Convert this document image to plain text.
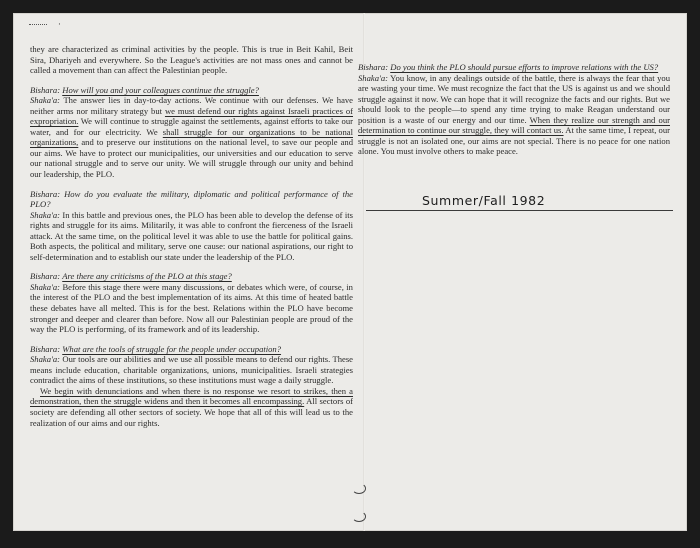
·

they are characterized as criminal activities by the people. This is true in Beit Kahil, Beit Sira, Dhariyeh and everywhere. So the League's activities are not mass ones and cannot be called a movement than can affect the Palestinian people.

Bishara: How will you and your colleagues continue the struggle?
Shaka'a: The answer lies in day-to-day actions. We continue with our defenses. We have neither arms nor military strategy but we must defend our rights against Israeli practices of expropriation. We will continue to struggle against the settlements, against efforts to take our water, and for our electricity. We shall struggle for our organizations to be national organizations, and to preserve our institutions on the national level, to save our people and our aims. We have to protect our municipalities, our universities and our education to serve our national struggle and to serve our unity. We will struggle through our unity and behind our leadership, the PLO.

Bishara: How do you evaluate the military, diplomatic and political performance of the PLO?
Shaka'a: In this battle and previous ones, the PLO has been able to develop the defense of its rights and struggle for its aims. Militarily, it was able to confront the fierceness of the Israeli attack. At the same time, on the political level it was able to use the battle for political gains. Both aspects, the political and military, serve one cause: our national aspirations, our right to self-determination and to establish our state under the leadership of the PLO.

Bishara: Are there any criticisms of the PLO at this stage?
Shaka'a: Before this stage there were many discussions, or debates which were, of course, in the interest of the PLO and the best implementation of its aims. At this time of heated battle these debates have all melted. This is for the best. Relations within the PLO have become stronger and deeper and clearer than before. Now all our Palestinian people are proud of the way the PLO is performing, of its framework and of its leadership.

Bishara: What are the tools of struggle for the people under occupation?
Shaka'a: Our tools are our abilities and we use all possible means to defend our rights. These means include education, charitable organizations, unions, municipalities. Israeli strategies contradict the aims of these institutions, so these institutions must wage a daily struggle.

We begin with denunciations and when there is no response we resort to strikes, then a demonstration, then the struggle widens and then it becomes all encompassing. All sectors of society are defending all other sectors of society. We hope that all of this will lead us to the realization of our aims and our rights.

Bishara: Do you think the PLO should pursue efforts to improve relations with the US?
Shaka'a: You know, in any dealings outside of the battle, there is always the fear that you are wasting your time. We must recognize the fact that the US is against us and we should struggle against it now. We can hope that it will recognize the facts and our rights. But we should look to the people—to spend any time trying to make Reagan understand our position is a waste of our energy and our time. When they realize our strength and our determination to continue our struggle, they will contact us. At the same time, I repeat, our struggle is not an isolated one, our aims are not special. There is no peace for one nation alone. You must involve others to make peace.

Summer/Fall 1982
